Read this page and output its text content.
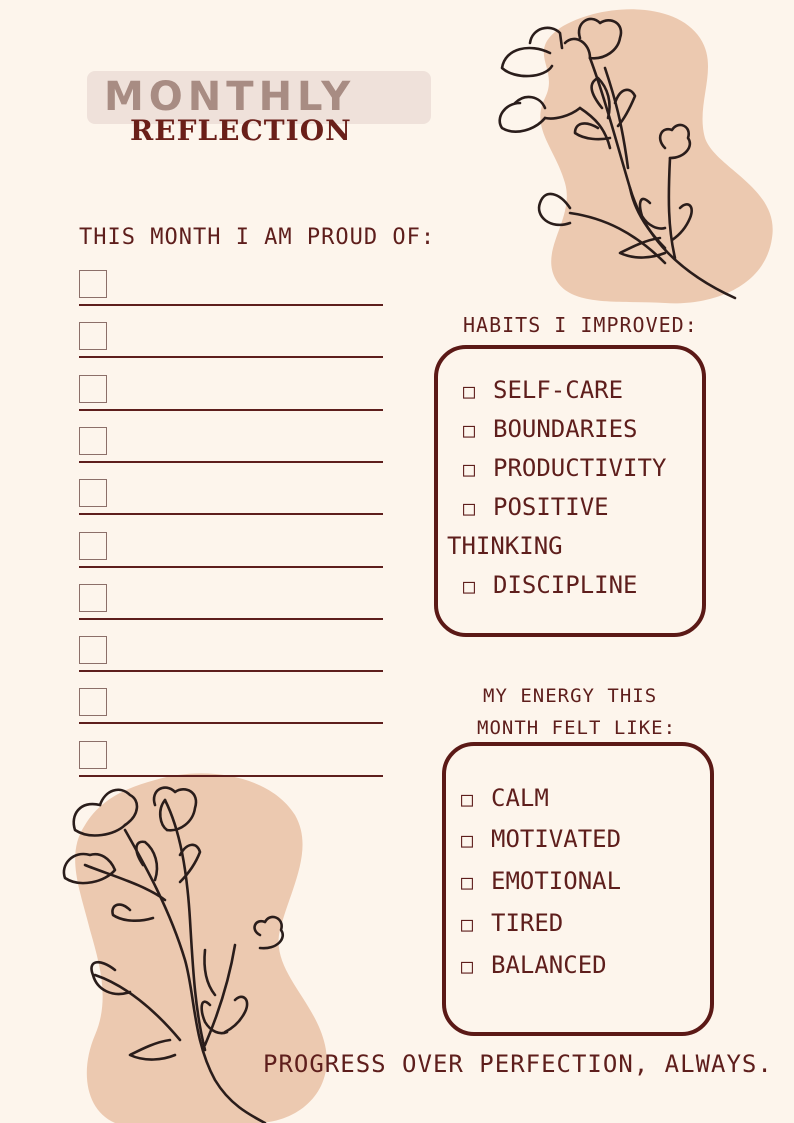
MONTHLY
REFLECTION
THIS MONTH I AM PROUD OF:
HABITS I IMPROVED:
□ SELF-CARE
□ BOUNDARIES
□ PRODUCTIVITY
□ POSITIVE
THINKING
□ DISCIPLINE
MY ENERGY THIS
MONTH FELT LIKE:
□ CALM
□ MOTIVATED
□ EMOTIONAL
□ TIRED
□ BALANCED
PROGRESS OVER PERFECTION, ALWAYS.
